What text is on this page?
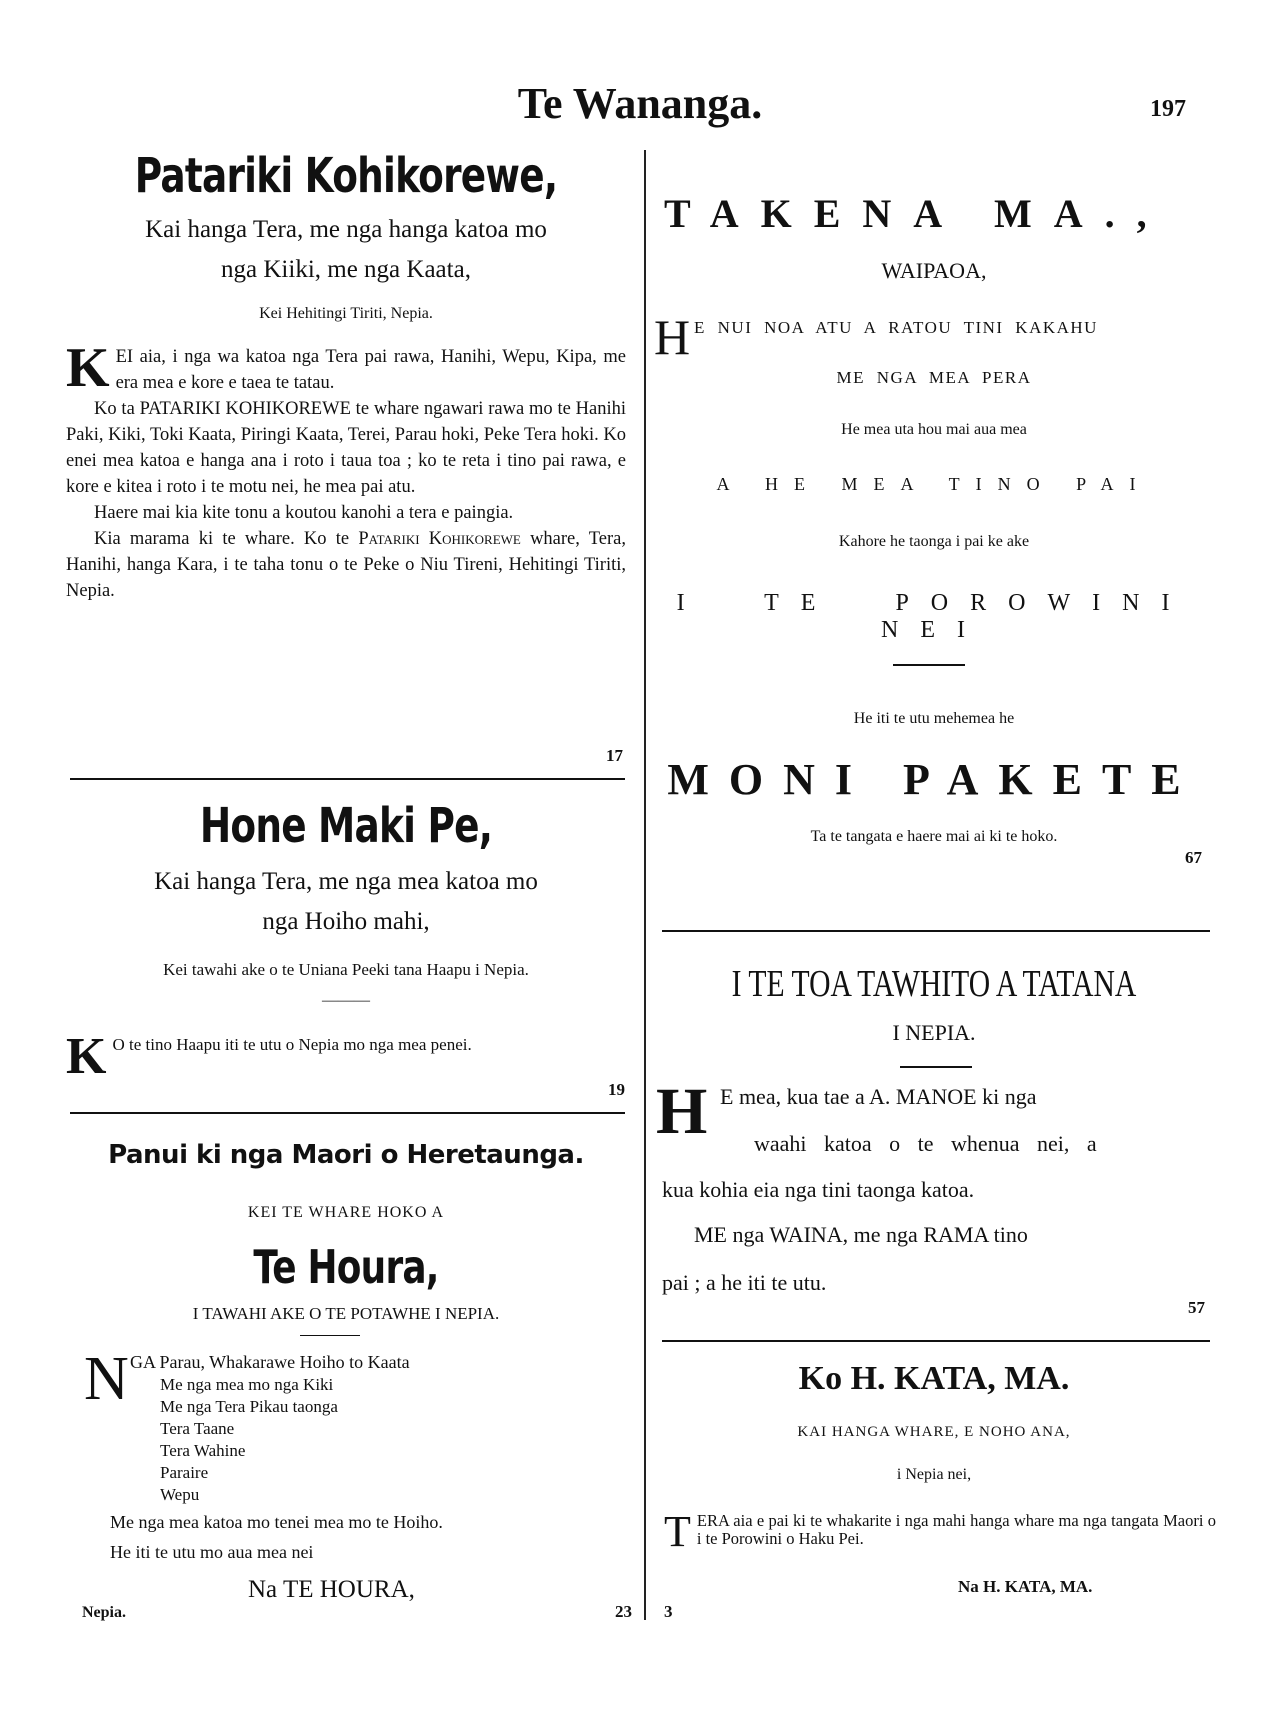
Te Wananga.	197
Patariki Kohikorewe,
Kai hanga Tera, me nga hanga katoa mo
nga Kiiki, me nga Kaata,
Kei Hehitingi Tiriti, Nepia.

KEI aia, i nga wa katoa nga Tera pai rawa, Hanihi, Wepu, Kipa, me era mea e kore e taea te tatau.

Ko ta PATARIKI KOHIKOREWE te whare ngawari rawa mo te Hanihi Paki, Kiki, Toki Kaata, Piringi Kaata, Terei, Parau hoki, Peke Tera hoki. Ko enei mea katoa e hanga ana i roto i taua toa ; ko te reta i tino pai rawa, e kore e kitea i roto i te motu nei, he mea pai atu.

Haere mai kia kite tonu a koutou kanohi a tera e paingia.

Kia marama ki te whare. Ko te Patariki Kohikorewe whare, Tera, Hanihi, hanga Kara, i te taha tonu o te Peke o Niu Tireni, Hehitingi Tiriti, Nepia.

17
Hone Maki Pe,
Kai hanga Tera, me nga mea katoa mo
nga Hoiho mahi,
Kei tawahi ake o te Uniana Peeki tana Haapu i Nepia.
———
K O te tino Haapu iti te utu o Nepia mo nga mea penei.
19
Panui ki nga Maori o Heretaunga.
KEI TE WHARE HOKO A
Te Houra,
I TAWAHI AKE O TE POTAWHE I NEPIA.
N GA Parau, Whakarawe Hoiho to Kaata
Me nga mea mo nga Kiki
Me nga Tera Pikau taonga
Tera Taane
Tera Wahine
Paraire
Wepu
Me nga mea katoa mo tenei mea mo te Hoiho.
He iti te utu mo aua mea nei
Na TE HOURA,
Nepia.	23
TAKENA MA.,
WAIPAOA,
H E NUI NOA ATU A RATOU TINI KAKAHU
ME NGA MEA PERA
He mea uta hou mai aua mea
A HE MEA TINO PAI
Kahore he taonga i pai ke ake
I TE POROWINI NEI
He iti te utu mehemea he
MONI PAKETE
Ta te tangata e haere mai ai ki te hoko.
67
I TE TOA TAWHITO A TATANA
I NEPIA.
H E mea, kua tae a A. MANOE ki nga
waahi katoa o te whenua nei, a
kua kohia eia nga tini taonga katoa.
ME nga WAINA, me nga RAMA tino
pai ; a he iti te utu.
57
Ko H. KATA, MA.
KAI HANGA WHARE, E NOHO ANA,
i Nepia nei,
TERA aia e pai ki te whakarite i nga mahi hanga whare ma nga tangata Maori o i te Porowini o Haku Pei.
Na H. KATA, MA.
3
